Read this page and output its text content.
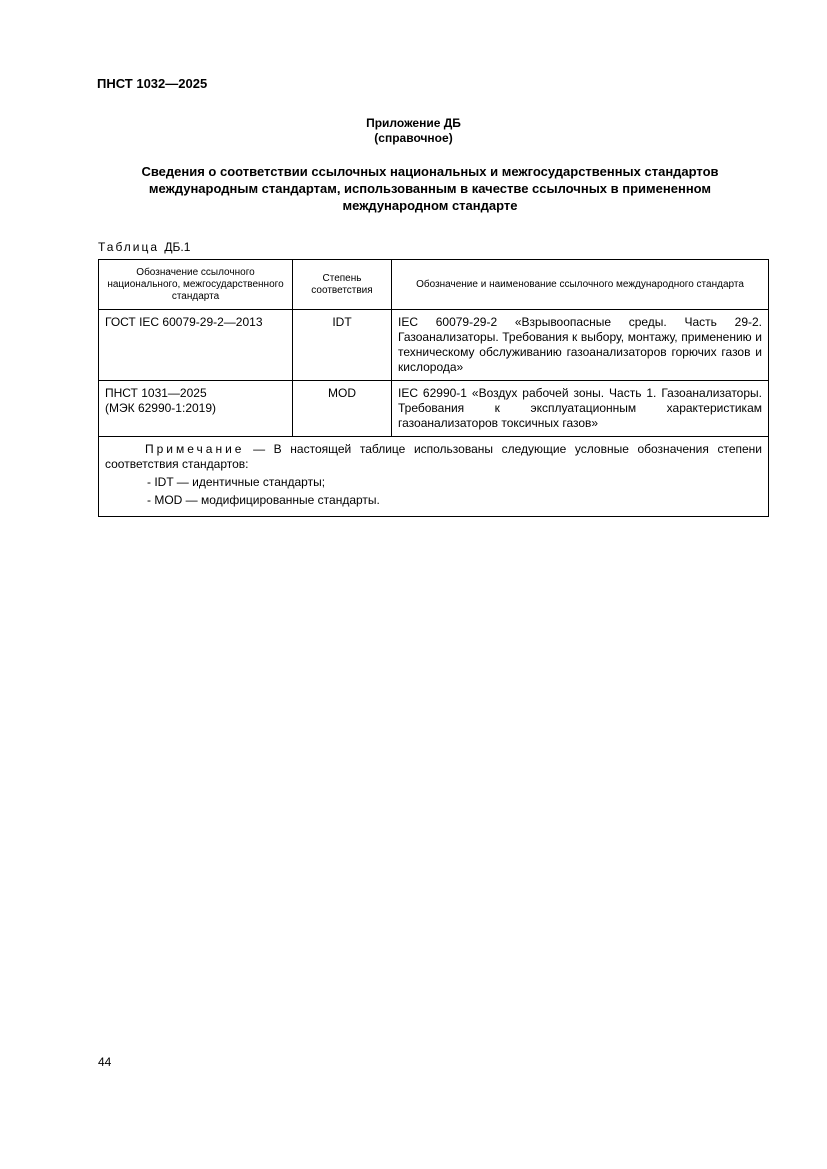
ПНСТ 1032—2025
Приложение ДБ
(справочное)
Сведения о соответствии ссылочных национальных и межгосударственных стандартов международным стандартам, использованным в качестве ссылочных в примененном международном стандарте
Таблица ДБ.1
Обозначение ссылочного национального, межгосударственного стандарта	Степень соответствия	Обозначение и наименование ссылочного международного стандарта

ГОСТ IEC 60079-29-2—2013	IDT	IEC 60079-29-2 «Взрывоопасные среды. Часть 29-2. Газоанализаторы. Требования к выбору, монтажу, применению и техническому обслуживанию газоанализаторов горючих газов и кислорода»

ПНСТ 1031—2025
(МЭК 62990-1:2019)	MOD	IEC 62990-1 «Воздух рабочей зоны. Часть 1. Газоанализаторы. Требования к эксплуатационным характеристикам газоанализаторов токсичных газов»

Примечание — В настоящей таблице использованы следующие условные обозначения степени соответствия стандартов:

- IDT — идентичные стандарты;
- MOD — модифицированные стандарты.		
44
